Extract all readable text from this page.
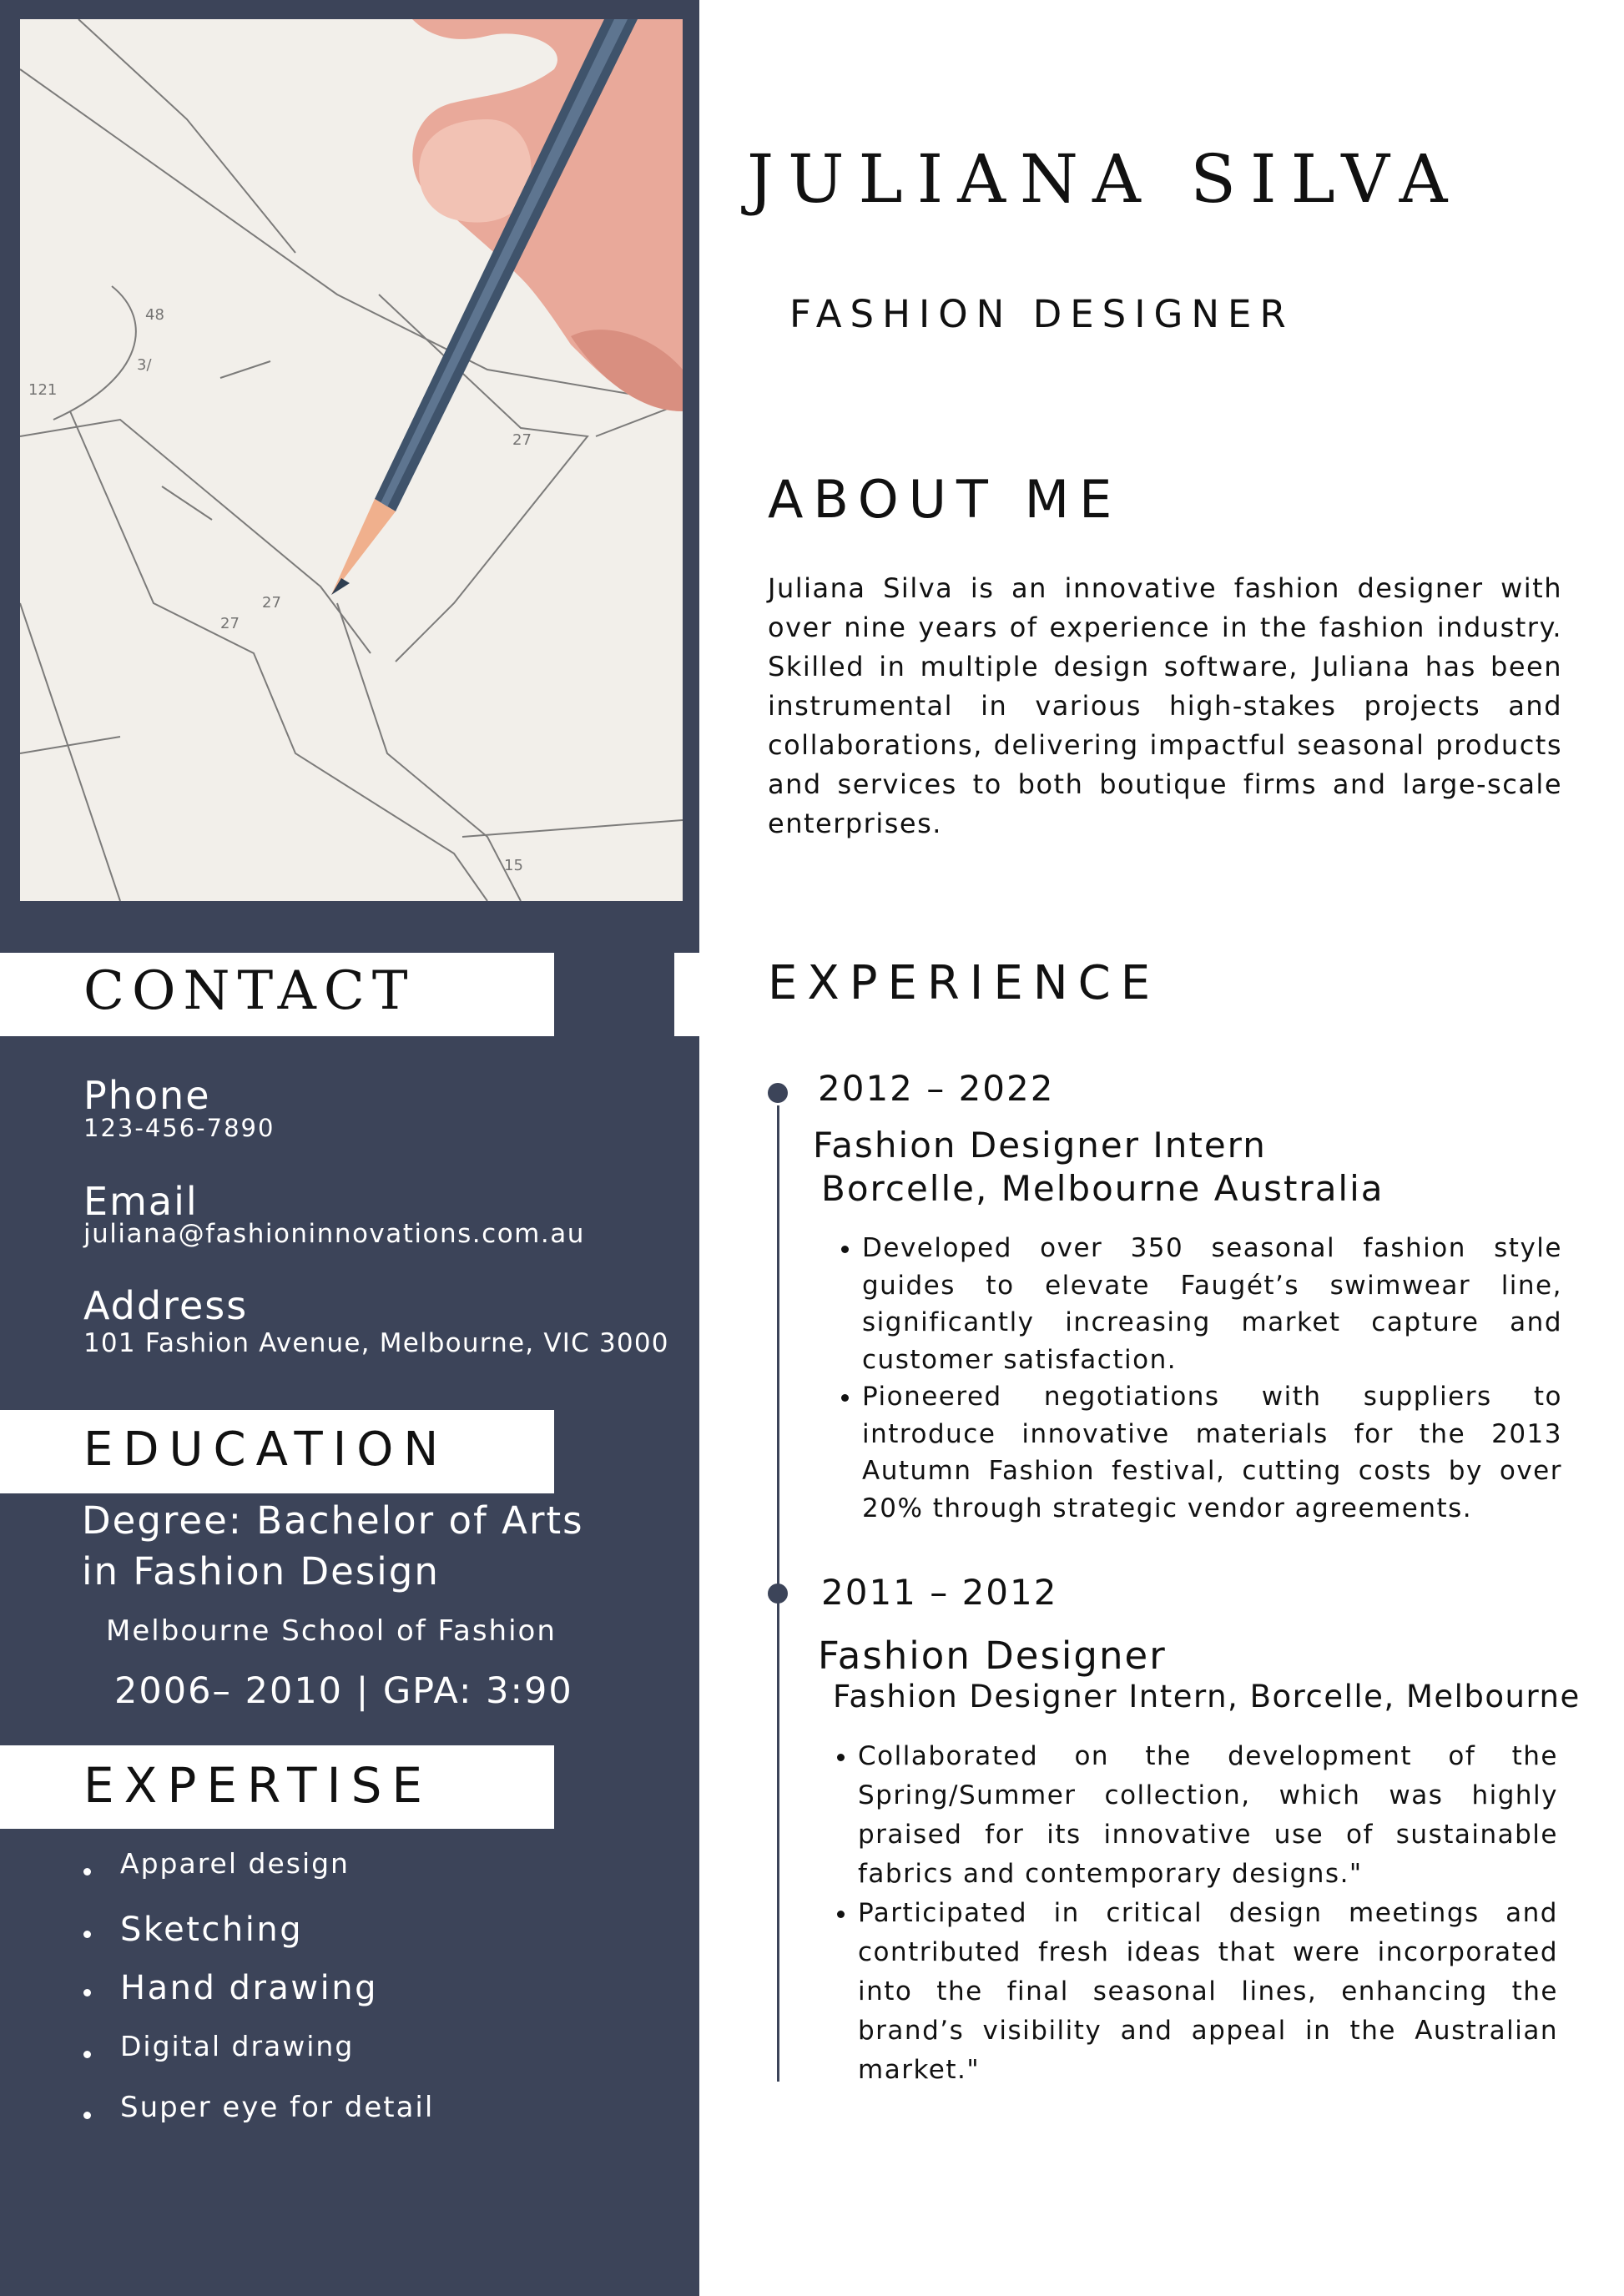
48
3/
121
27
27
27
15
CONTACT
Phone
123-456-7890
Email
juliana@fashioninnovations.com.au
Address
101 Fashion Avenue, Melbourne, VIC 3000
EDUCATION
Degree: Bachelor of Arts
in Fashion Design
Melbourne School of Fashion
2006– 2010 | GPA: 3:90
EXPERTISE
Apparel design
Sketching
Hand drawing
Digital drawing
Super eye for detail
JULIANA SILVA
FASHION DESIGNER
ABOUT ME

Juliana Silva is an innovative fashion designer with over nine years of experience in the fashion industry. Skilled in multiple design software, Juliana has been instrumental in various high-stakes projects and collaborations, delivering impactful seasonal products and services to both boutique firms and large-scale enterprises.

EXPERIENCE
2012 – 2022
Fashion Designer Intern
Borcelle, Melbourne Australia
• Developed over 350 seasonal fashion style guides to elevate Faugét’s swimwear line, significantly increasing market capture and customer satisfaction.
• Pioneered negotiations with suppliers to introduce innovative materials for the 2013 Autumn Fashion festival, cutting costs by over 20% through strategic vendor agreements.
2011 – 2012
Fashion Designer
Fashion Designer Intern, Borcelle, Melbourne
• Collaborated on the development of the Spring/Summer collection, which was highly praised for its innovative use of sustainable fabrics and contemporary designs."
• Participated in critical design meetings and contributed fresh ideas that were incorporated into the final seasonal lines, enhancing the brand’s visibility and appeal in the Australian market."
